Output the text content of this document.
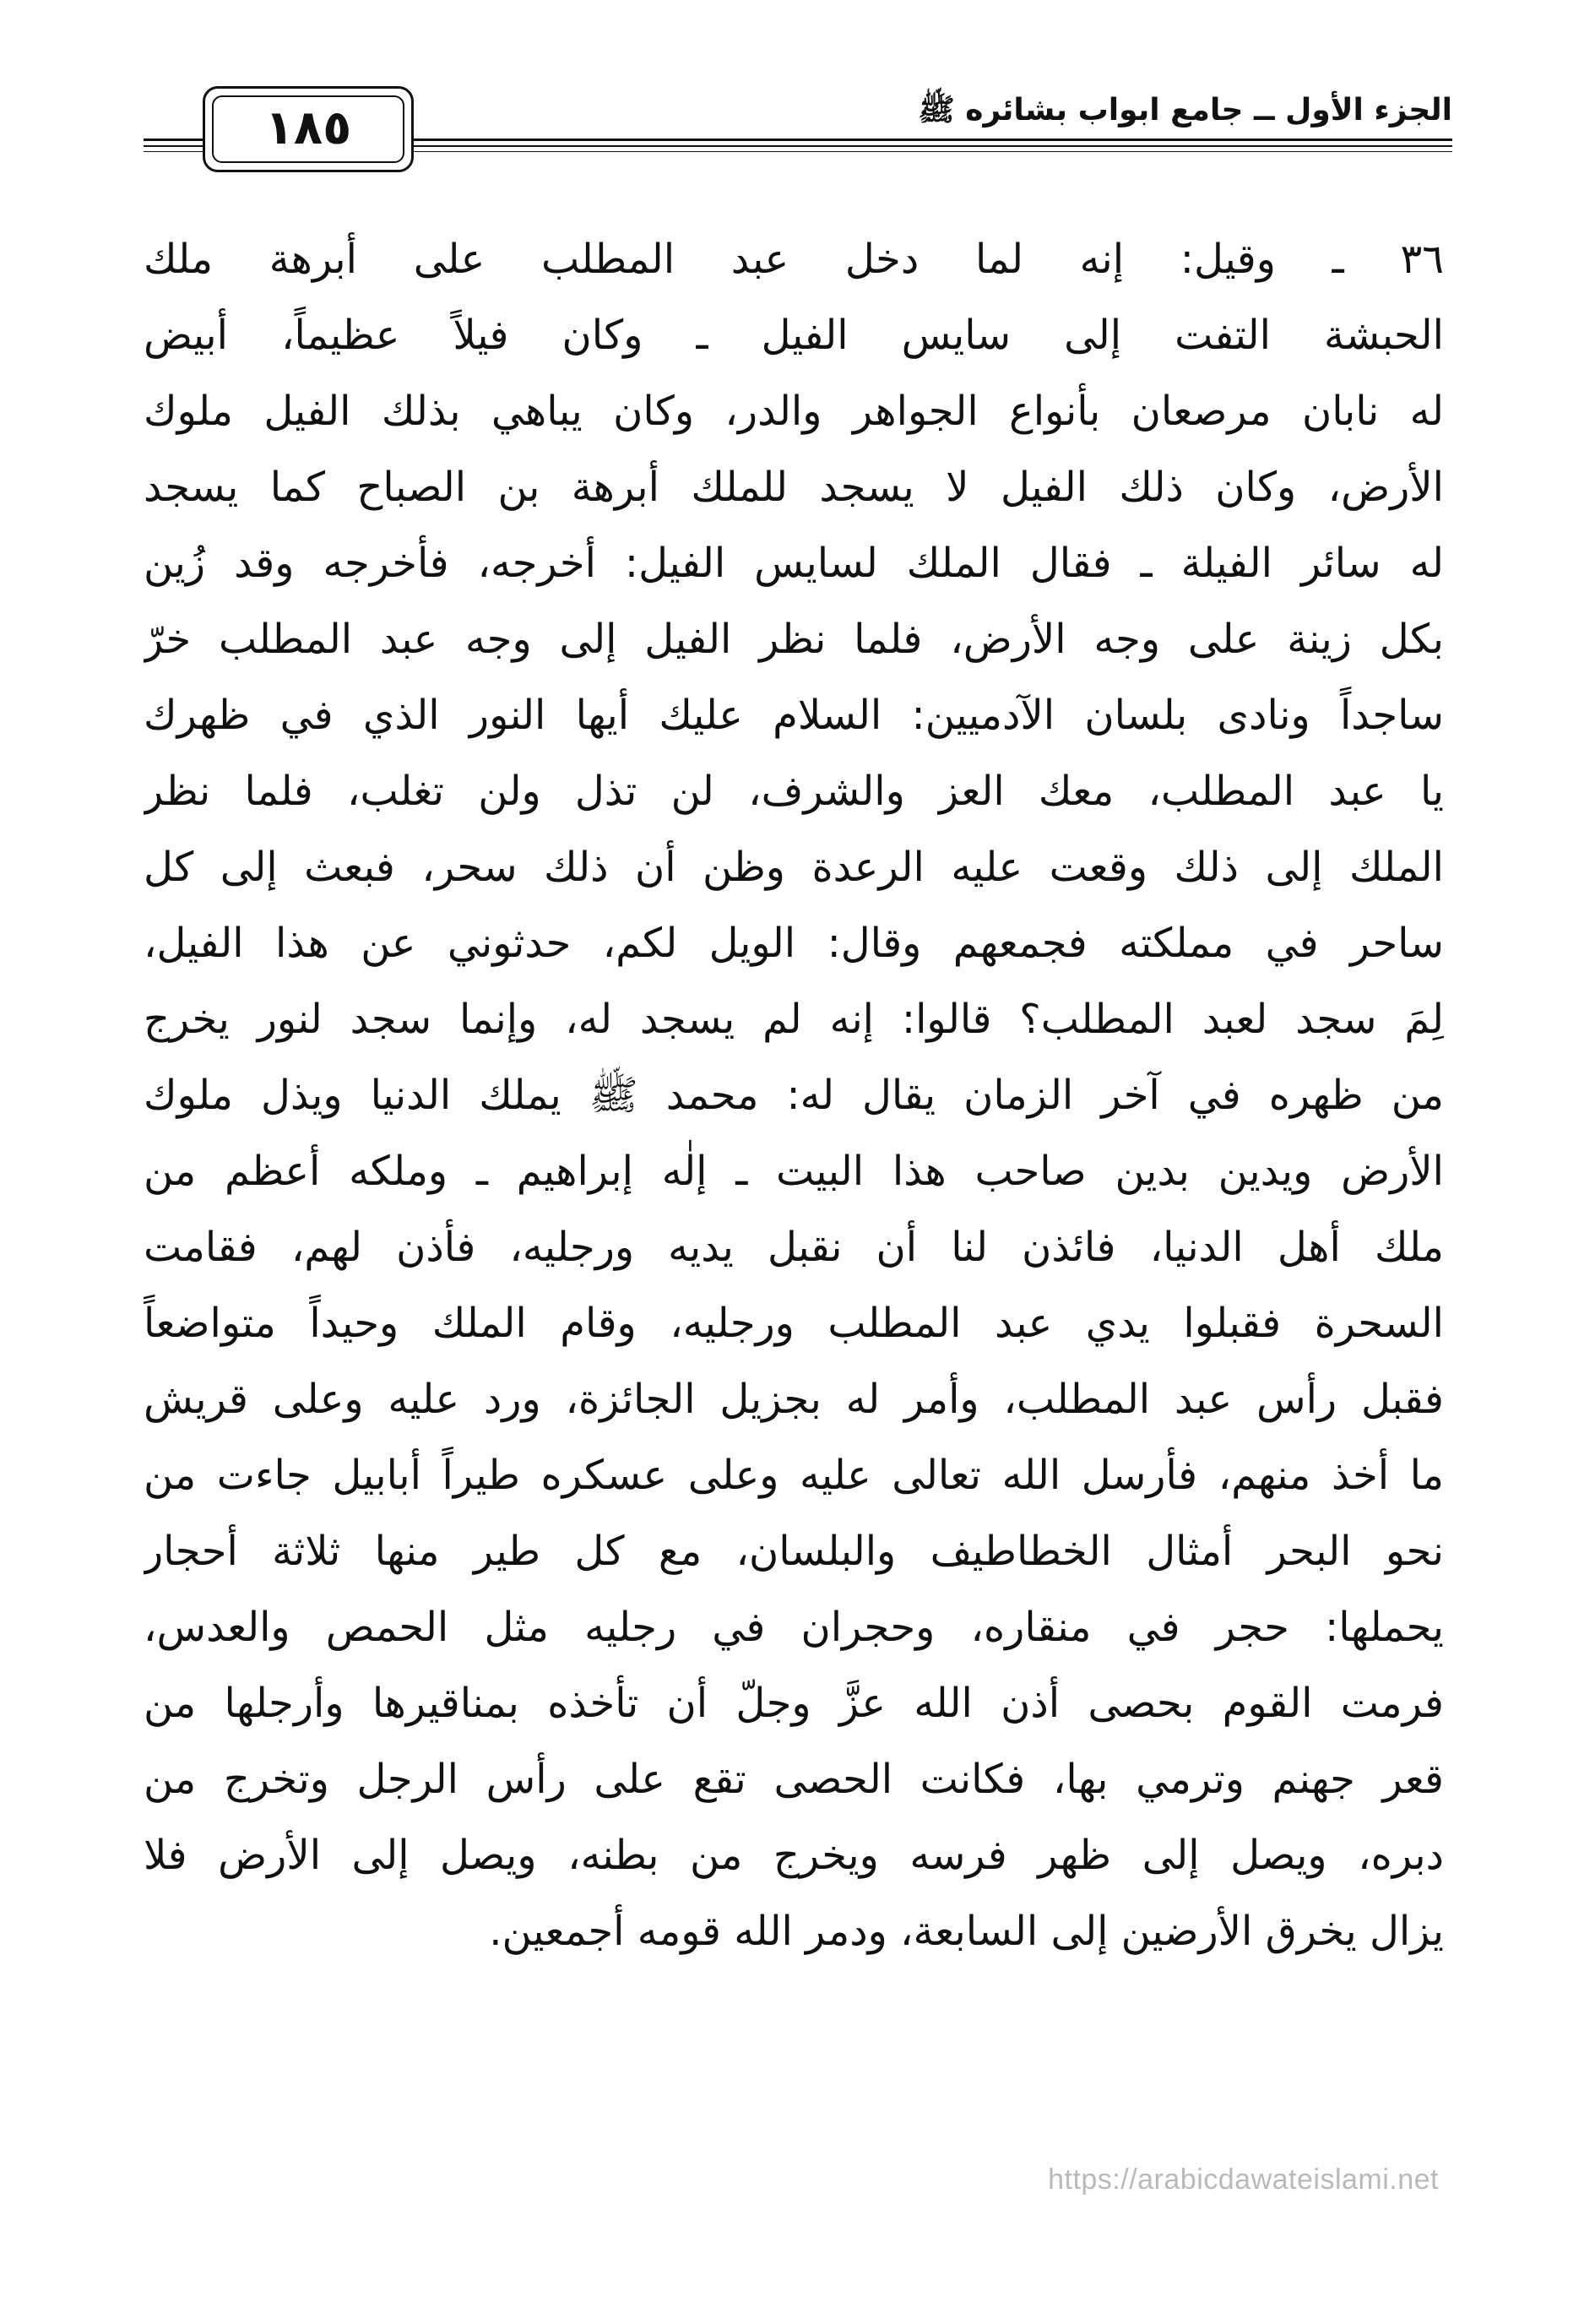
الجزء الأول ــ جامع ابواب بشائره ﷺ
١٨٥
٣٦ ـ وقيل: إنه لما دخل عبد المطلب على أبرهة ملك
الحبشة التفت إلى سايس الفيل ـ وكان فيلاً عظيماً، أبيض
له نابان مرصعان بأنواع الجواهر والدر، وكان يباهي بذلك الفيل ملوك
الأرض، وكان ذلك الفيل لا يسجد للملك أبرهة بن الصباح كما يسجد
له سائر الفيلة ـ فقال الملك لسايس الفيل: أخرجه، فأخرجه وقد زُين
بكل زينة على وجه الأرض، فلما نظر الفيل إلى وجه عبد المطلب خرّ
ساجداً ونادى بلسان الآدميين: السلام عليك أيها النور الذي في ظهرك
يا عبد المطلب، معك العز والشرف، لن تذل ولن تغلب، فلما نظر
الملك إلى ذلك وقعت عليه الرعدة وظن أن ذلك سحر، فبعث إلى كل
ساحر في مملكته فجمعهم وقال: الويل لكم، حدثوني عن هذا الفيل،
لِمَ سجد لعبد المطلب؟ قالوا: إنه لم يسجد له، وإنما سجد لنور يخرج
من ظهره في آخر الزمان يقال له: محمد ﷺ يملك الدنيا ويذل ملوك
الأرض ويدين بدين صاحب هذا البيت ـ إلٰه إبراهيم ـ وملكه أعظم من
ملك أهل الدنيا، فائذن لنا أن نقبل يديه ورجليه، فأذن لهم، فقامت
السحرة فقبلوا يدي عبد المطلب ورجليه، وقام الملك وحيداً متواضعاً
فقبل رأس عبد المطلب، وأمر له بجزيل الجائزة، ورد عليه وعلى قريش
ما أخذ منهم، فأرسل الله تعالى عليه وعلى عسكره طيراً أبابيل جاءت من
نحو البحر أمثال الخطاطيف والبلسان، مع كل طير منها ثلاثة أحجار
يحملها: حجر في منقاره، وحجران في رجليه مثل الحمص والعدس،
فرمت القوم بحصى أذن الله عزَّ وجلّ أن تأخذه بمناقيرها وأرجلها من
قعر جهنم وترمي بها، فكانت الحصى تقع على رأس الرجل وتخرج من
دبره، ويصل إلى ظهر فرسه ويخرج من بطنه، ويصل إلى الأرض فلا
يزال يخرق الأرضين إلى السابعة، ودمر الله قومه أجمعين.
https://arabicdawateislami.net
